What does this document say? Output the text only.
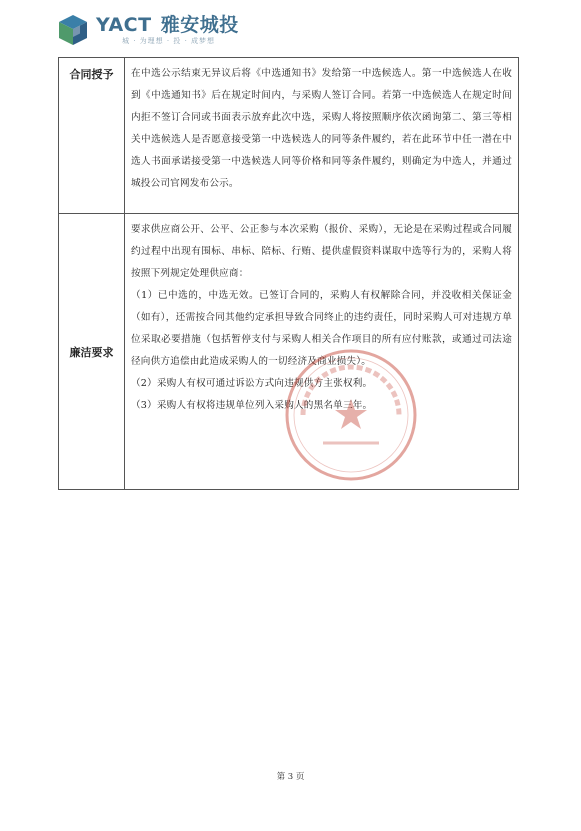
YACT 雅安城投
城 · 为理想 · 投 · 成梦想
合同授予	在中选公示结束无异议后将《中选通知书》发给第一中选候选人。第一中选候选人在收到《中选通知书》后在规定时间内，与采购人签订合同。若第一中选候选人在规定时间内拒不签订合同或书面表示放弃此次中选，采购人将按照顺序依次函询第二、第三等相关中选候选人是否愿意接受第一中选候选人的同等条件履约，若在此环节中任一潜在中选人书面承诺接受第一中选候选人同等价格和同等条件履约，则确定为中选人，并通过城投公司官网发布公示。

廉洁要求	要求供应商公开、公平、公正参与本次采购（报价、采购），无论是在采购过程或合同履约过程中出现有围标、串标、陪标、行贿、提供虚假资料谋取中选等行为的，采购人将按照下列规定处理供应商：

（1）已中选的，中选无效。已签订合同的，采购人有权解除合同，并没收相关保证金（如有），还需按合同其他约定承担导致合同终止的违约责任，同时采购人可对违规方单位采取必要措施（包括暂停支付与采购人相关合作项目的所有应付账款，或通过司法途径向供方追偿由此造成采购人的一切经济及商业损失）。

（2）采购人有权可通过诉讼方式向违规供方主张权利。

（3）采购人有权将违规单位列入采购人的黑名单三年。

第 3 页
